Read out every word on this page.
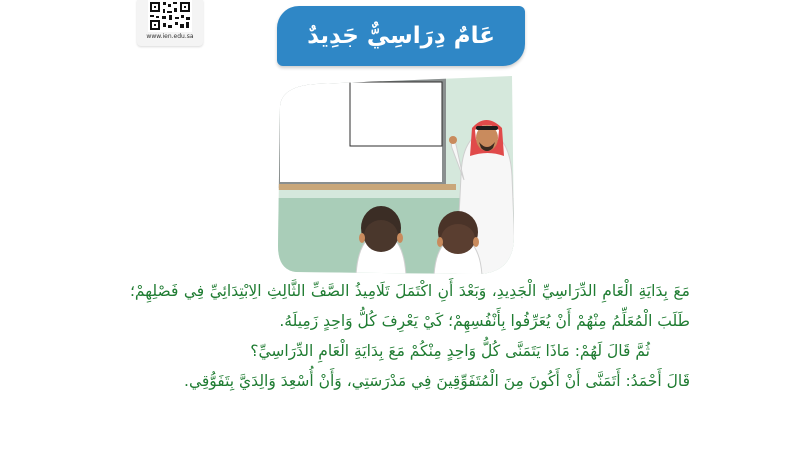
www.ien.edu.sa	عَامٌ دِرَاسِيٌّ جَدِيدٌ

مَعَ بِدَايَةِ الْعَامِ الدِّرَاسِيِّ الْجَدِيدِ، وَبَعْدَ أَنِ اكْتَمَلَ تَلَامِيذُ الصَّفِّ الثَّالِثِ الِابْتِدَائِيِّ فِي فَصْلِهِمْ؛ طَلَبَ الْمُعَلِّمُ مِنْهُمْ أَنْ يُعَرِّفُوا بِأَنْفُسِهِمْ؛ كَيْ يَعْرِفَ كُلُّ وَاحِدٍ زَمِيلَهُ.

ثُمَّ قَالَ لَهُمْ: مَاذَا يَتَمَنَّى كُلُّ وَاحِدٍ مِنْكُمْ مَعَ بِدَايَةِ الْعَامِ الدِّرَاسِيِّ؟

قَالَ أَحْمَدُ: أَتَمَنَّى أَنْ أَكُونَ مِنَ الْمُتَفَوِّقِينَ فِي مَدْرَسَتِي، وَأَنْ أُسْعِدَ وَالِدَيَّ بِتَفَوُّقِي.
